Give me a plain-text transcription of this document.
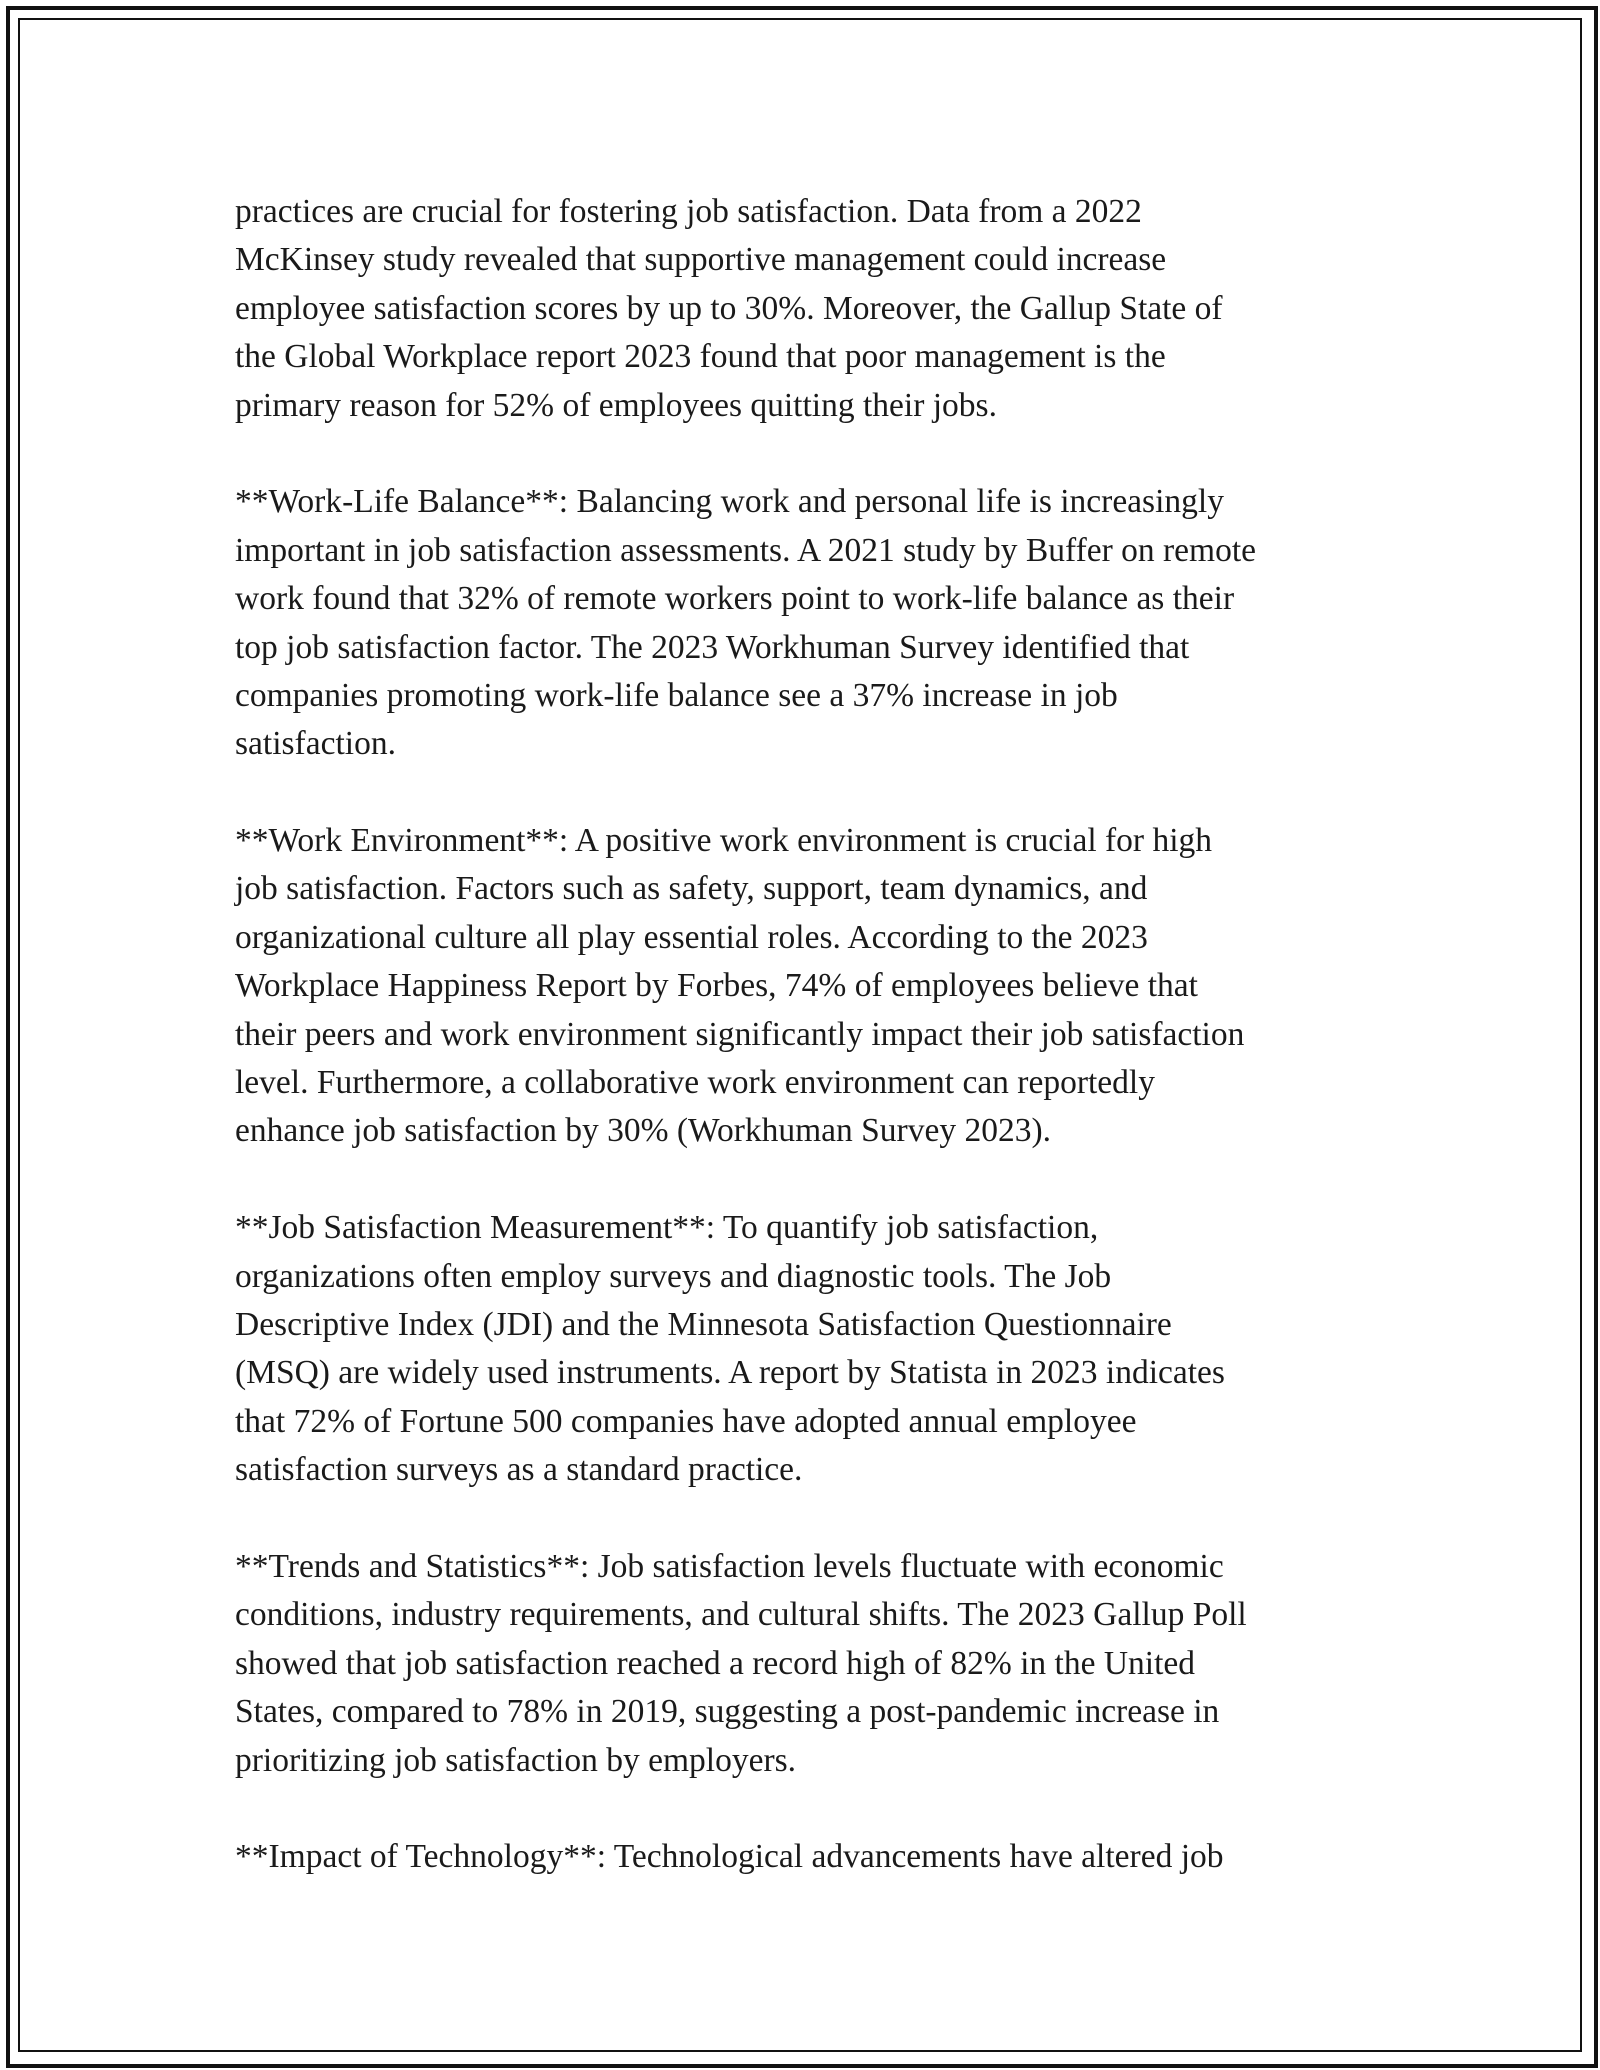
practices are crucial for fostering job satisfaction. Data from a 2022
McKinsey study revealed that supportive management could increase
employee satisfaction scores by up to 30%. Moreover, the Gallup State of
the Global Workplace report 2023 found that poor management is the
primary reason for 52% of employees quitting their jobs.
**Work-Life Balance**: Balancing work and personal life is increasingly
important in job satisfaction assessments. A 2021 study by Buffer on remote
work found that 32% of remote workers point to work-life balance as their
top job satisfaction factor. The 2023 Workhuman Survey identified that
companies promoting work-life balance see a 37% increase in job
satisfaction.
**Work Environment**: A positive work environment is crucial for high
job satisfaction. Factors such as safety, support, team dynamics, and
organizational culture all play essential roles. According to the 2023
Workplace Happiness Report by Forbes, 74% of employees believe that
their peers and work environment significantly impact their job satisfaction
level. Furthermore, a collaborative work environment can reportedly
enhance job satisfaction by 30% (Workhuman Survey 2023).
**Job Satisfaction Measurement**: To quantify job satisfaction,
organizations often employ surveys and diagnostic tools. The Job
Descriptive Index (JDI) and the Minnesota Satisfaction Questionnaire
(MSQ) are widely used instruments. A report by Statista in 2023 indicates
that 72% of Fortune 500 companies have adopted annual employee
satisfaction surveys as a standard practice.
**Trends and Statistics**: Job satisfaction levels fluctuate with economic
conditions, industry requirements, and cultural shifts. The 2023 Gallup Poll
showed that job satisfaction reached a record high of 82% in the United
States, compared to 78% in 2019, suggesting a post-pandemic increase in
prioritizing job satisfaction by employers.
**Impact of Technology**: Technological advancements have altered job
